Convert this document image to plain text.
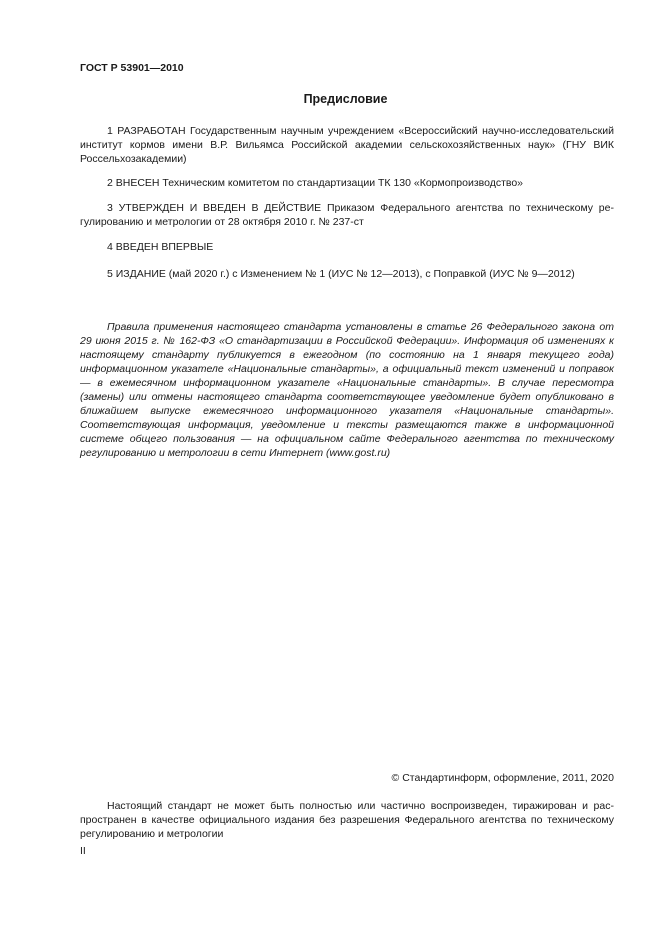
ГОСТ Р 53901—2010
Предисловие
1 РАЗРАБОТАН Государственным научным учреждением «Всероссийский научно-исследовательский институт кормов имени В.Р. Вильямса Российской академии сельскохозяйственных наук» (ГНУ ВИК Россельхозакадемии)
2 ВНЕСЕН Техническим комитетом по стандартизации ТК 130 «Кормопроизводство»
3 УТВЕРЖДЕН И ВВЕДЕН В ДЕЙСТВИЕ Приказом Федерального агентства по техническому регулированию и метрологии от 28 октября 2010 г. № 237-ст
4 ВВЕДЕН ВПЕРВЫЕ
5 ИЗДАНИЕ (май 2020 г.) с Изменением № 1 (ИУС № 12—2013), с Поправкой (ИУС № 9—2012)
Правила применения настоящего стандарта установлены в статье 26 Федерального закона от 29 июня 2015 г. № 162-ФЗ «О стандартизации в Российской Федерации». Информация об изменениях к настоящему стандарту публикуется в ежегодном (по состоянию на 1 января текущего года) информационном указателе «Национальные стандарты», а официальный текст изменений и поправок — в ежемесячном информационном указателе «Национальные стандарты». В случае пересмотра (замены) или отмены настоящего стандарта соответствующее уведомление будет опубликовано в ближайшем выпуске ежемесячного информационного указателя «Национальные стандарты». Соответствующая информация, уведомление и тексты размещаются также в информационной системе общего пользования — на официальном сайте Федерального агентства по техническому регулированию и метрологии в сети Интернет (www.gost.ru)
© Стандартинформ, оформление, 2011, 2020
Настоящий стандарт не может быть полностью или частично воспроизведен, тиражирован и распространен в качестве официального издания без разрешения Федерального агентства по техническому регулированию и метрологии
II
